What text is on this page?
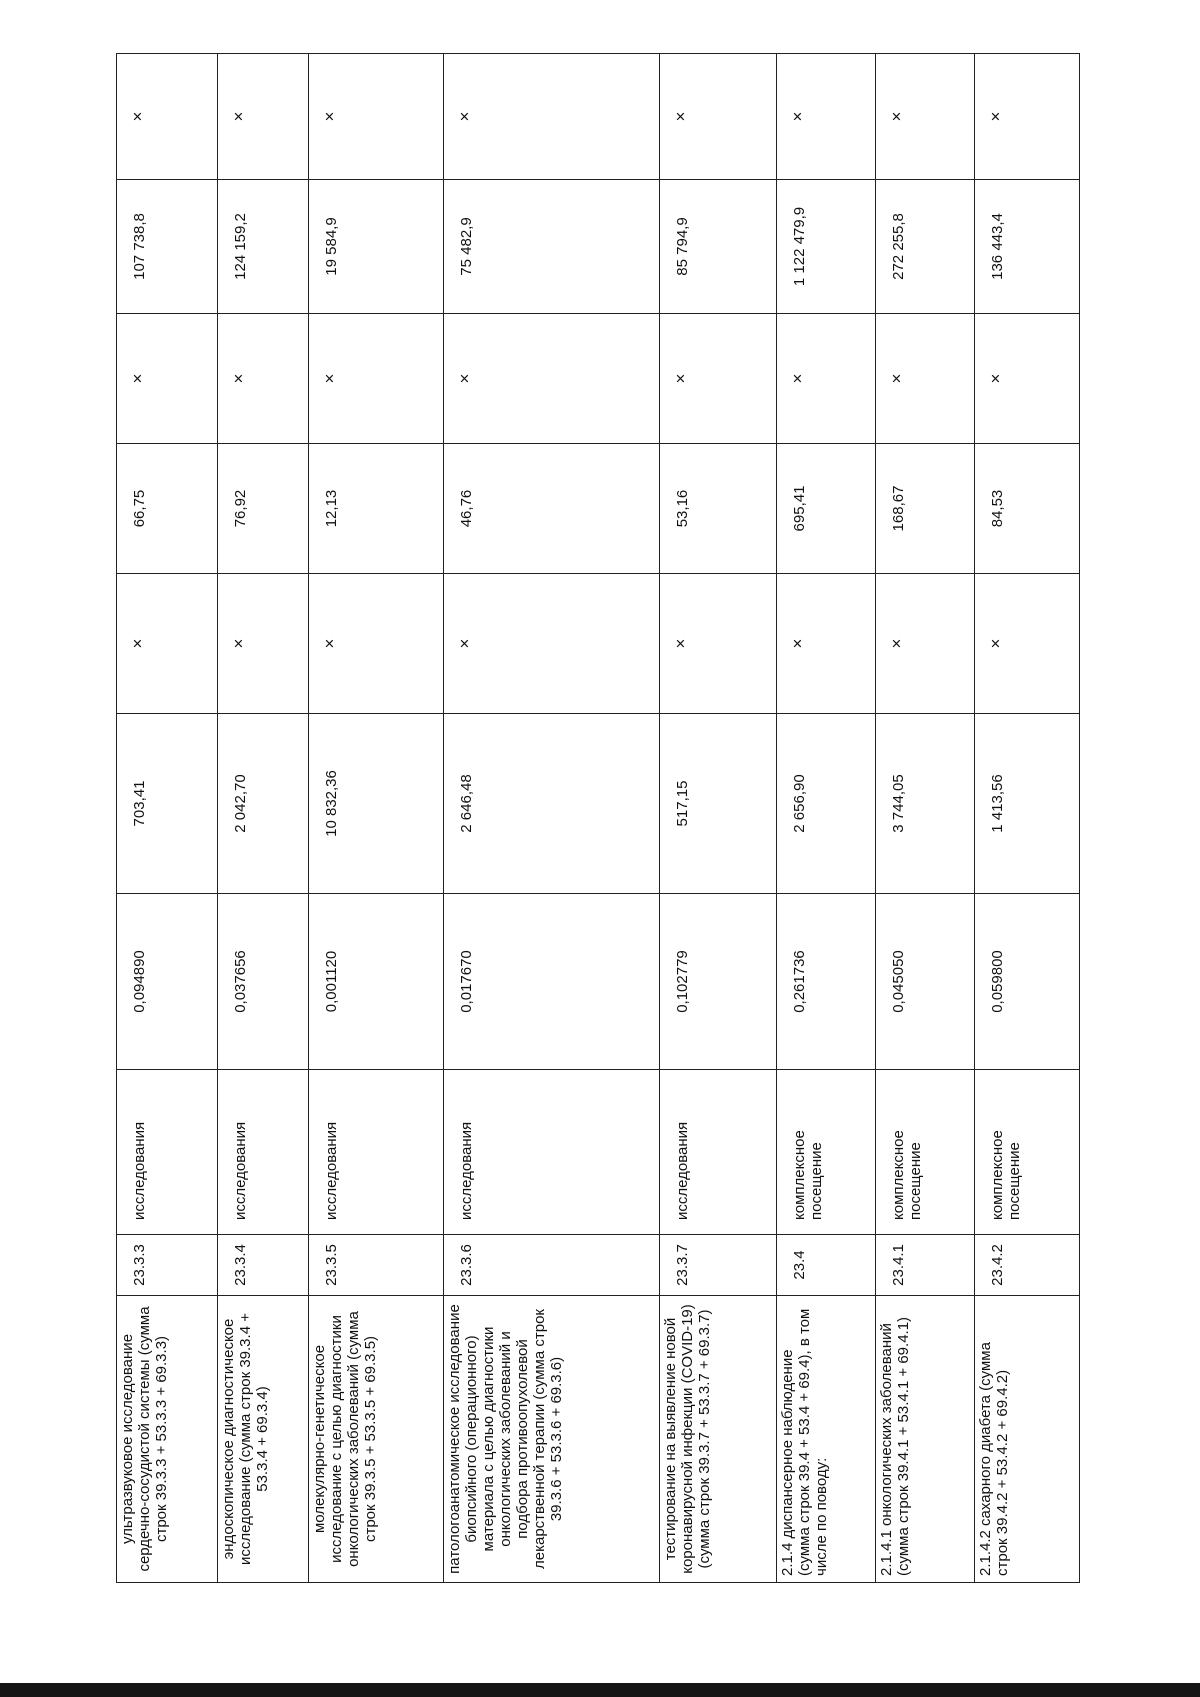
ультразвуковое исследование сердечно-сосудистой системы (сумма строк 39.3.3 + 53.3.3 + 69.3.3)	23.3.3	исследования	0,094890	703,41	×	66,75	×	107 738,8	×
эндоскопическое диагностическое исследование (сумма строк 39.3.4 + 53.3.4 + 69.3.4)	23.3.4	исследования	0,037656	2 042,70	×	76,92	×	124 159,2	×
молекулярно-генетическое исследование с целью диагностики онкологических заболеваний (сумма строк 39.3.5 + 53.3.5 + 69.3.5)	23.3.5	исследования	0,001120	10 832,36	×	12,13	×	19 584,9	×
патологоанатомическое исследование биопсийного (операционного) материала с целью диагностики онкологических заболеваний и подбора противоопухолевой лекарственной терапии (сумма строк 39.3.6 + 53.3.6 + 69.3.6)	23.3.6	исследования	0,017670	2 646,48	×	46,76	×	75 482,9	×
тестирование на выявление новой коронавирусной инфекции (COVID-19) (сумма строк 39.3.7 + 53.3.7 + 69.3.7)	23.3.7	исследования	0,102779	517,15	×	53,16	×	85 794,9	×
2.1.4 диспансерное наблюдение (сумма строк 39.4 + 53.4 + 69.4), в том числе по поводу:	23.4	комплексное посещение	0,261736	2 656,90	×	695,41	×	1 122 479,9	×
2.1.4.1 онкологических заболеваний (сумма строк 39.4.1 + 53.4.1 + 69.4.1)	23.4.1	комплексное посещение	0,045050	3 744,05	×	168,67	×	272 255,8	×
2.1.4.2 сахарного диабета (сумма строк 39.4.2 + 53.4.2 + 69.4.2)	23.4.2	комплексное посещение	0,059800	1 413,56	×	84,53	×	136 443,4	×
